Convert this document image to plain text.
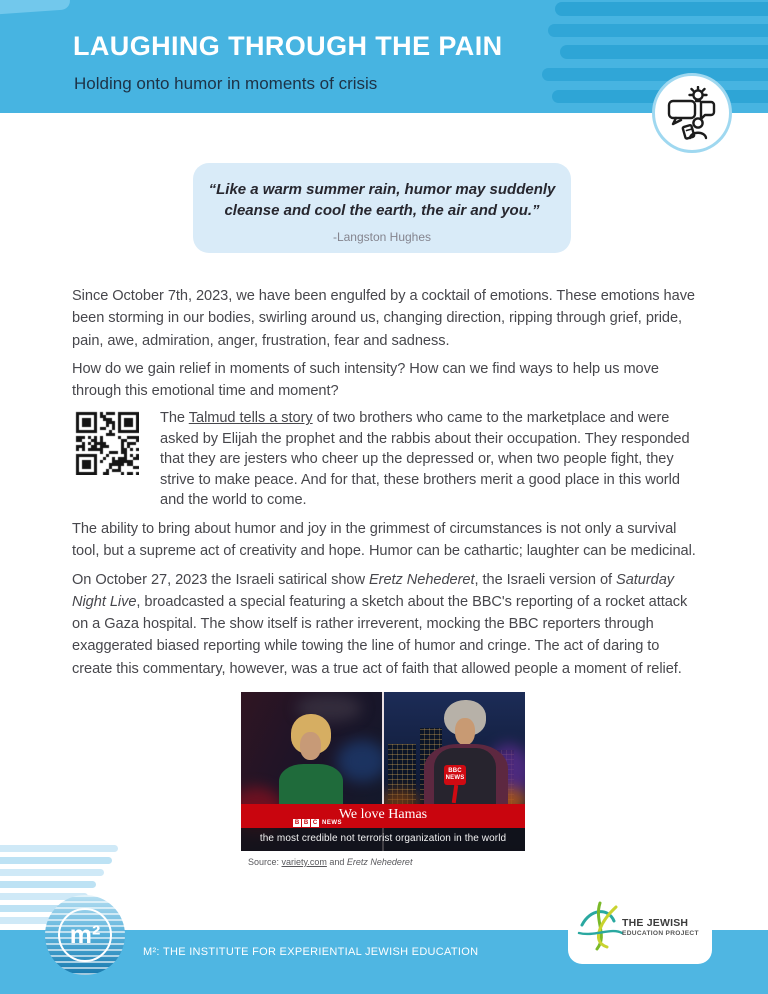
LAUGHING THROUGH THE PAIN
Holding onto humor in moments of crisis
“Like a warm summer rain, humor may suddenly
cleanse and cool the earth, the air and you.”
-Langston Hughes

Since October 7th, 2023, we have been engulfed by a cocktail of emotions. These emotions have been storming in our bodies, swirling around us, changing direction, ripping through grief, pride, pain, awe, admiration, anger, frustration, fear and sadness.

How do we gain relief in moments of such intensity? How can we find ways to help us move through this emotional time and moment?

The Talmud tells a story of two brothers who came to the marketplace and were asked by Elijah the prophet and the rabbis about their occupation. They responded that they are jesters who cheer up the depressed or, when two people fight, they strive to make peace. And for that, these brothers merit a good place in this world and the world to come.

The ability to bring about humor and joy in the grimmest of circumstances is not only a survival tool, but a supreme act of creativity and hope. Humor can be cathartic; laughter can be medicinal.

On October 27, 2023 the Israeli satirical show Eretz Nehederet, the Israeli version of Saturday Night Live, broadcasted a special featuring a sketch about the BBC's reporting of a rocket attack on a Gaza hospital. The show itself is rather irreverent, mocking the BBC reporters through exaggerated biased reporting while towing the line of humor and cringe. The act of daring to create this commentary, however, was a true act of faith that allowed people a moment of relief.

BBC
NEWS
We love Hamas
B B C NEWS
the most credible not terrorist organization in the world
Source: variety.com and Eretz Nehederet
m²
M²: THE INSTITUTE FOR EXPERIENTIAL JEWISH EDUCATION
THE JEWISH
EDUCATION PROJECT
